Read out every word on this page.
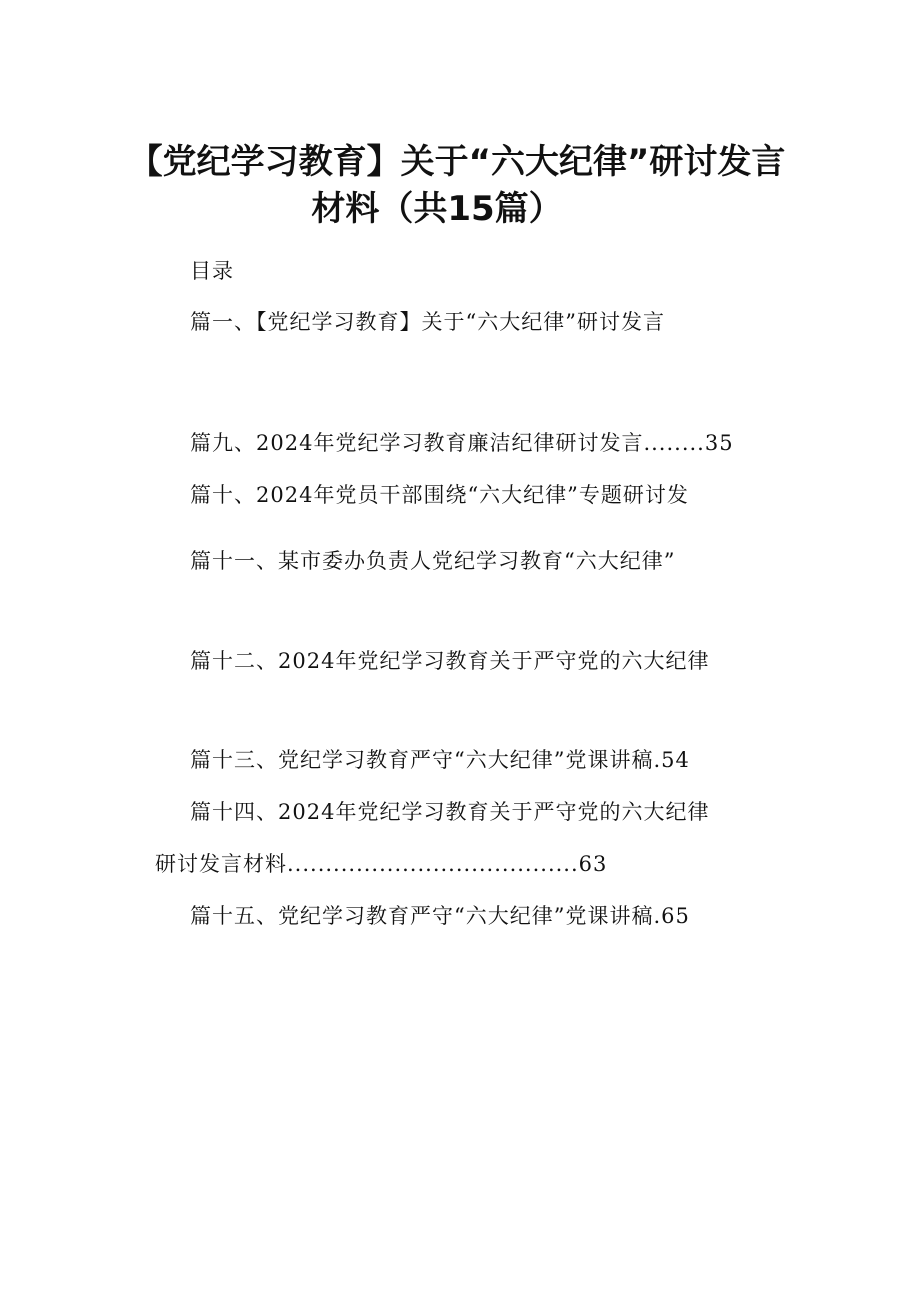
【党纪学习教育】关于“六大纪律”研讨发言
材料（共15篇）
目录
篇一、【党纪学习教育】关于“六大纪律”研讨发言
篇九、2024年党纪学习教育廉洁纪律研讨发言........35
篇十、2024年党员干部围绕“六大纪律”专题研讨发
篇十一、某市委办负责人党纪学习教育“六大纪律”
篇十二、2024年党纪学习教育关于严守党的六大纪律
篇十三、党纪学习教育严守“六大纪律”党课讲稿.54
篇十四、2024年党纪学习教育关于严守党的六大纪律
研讨发言材料......................................63
篇十五、党纪学习教育严守“六大纪律”党课讲稿.65
